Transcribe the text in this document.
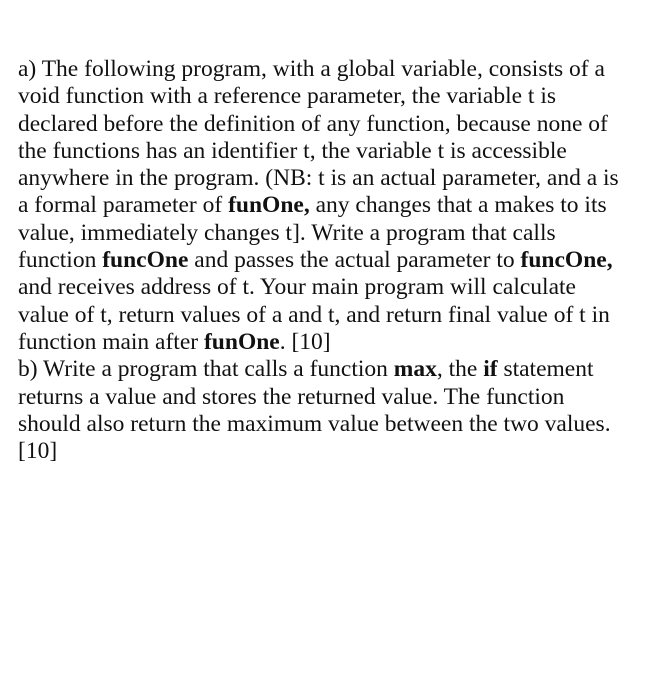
a) The following program, with a global variable, consists of a
void function with a reference parameter, the variable t is
declared before the definition of any function, because none of
the functions has an identifier t, the variable t is accessible
anywhere in the program. (NB: t is an actual parameter, and a is
a formal parameter of funOne, any changes that a makes to its
value, immediately changes t]. Write a program that calls
function funcOne and passes the actual parameter to funcOne,
and receives address of t. Your main program will calculate
value of t, return values of a and t, and return final value of t in
function main after funOne. [10]
b) Write a program that calls a function max, the if statement
returns a value and stores the returned value. The function
should also return the maximum value between the two values.
[10]
